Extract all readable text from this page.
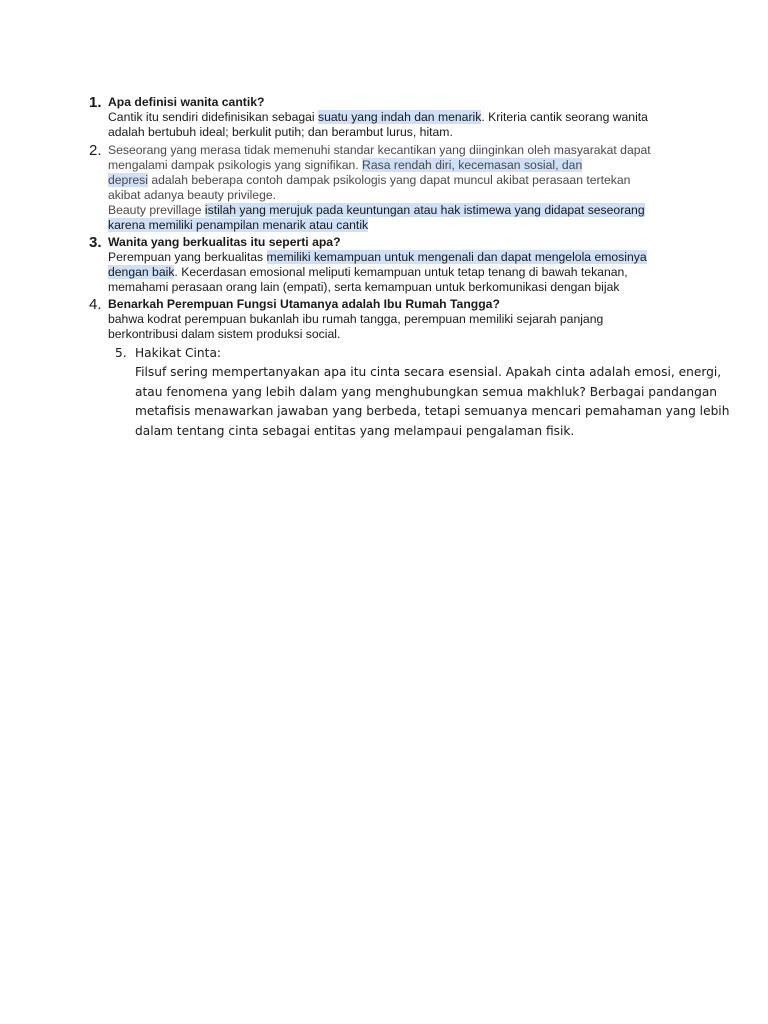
1. Apa definisi wanita cantik?
Cantik itu sendiri didefinisikan sebagai suatu yang indah dan menarik. Kriteria cantik seorang wanita
adalah bertubuh ideal; berkulit putih; dan berambut lurus, hitam.
2. Seseorang yang merasa tidak memenuhi standar kecantikan yang diinginkan oleh masyarakat dapat
mengalami dampak psikologis yang signifikan. Rasa rendah diri, kecemasan sosial, dan
depresi adalah beberapa contoh dampak psikologis yang dapat muncul akibat perasaan tertekan
akibat adanya beauty privilege.
Beauty previllage istilah yang merujuk pada keuntungan atau hak istimewa yang didapat seseorang
karena memiliki penampilan menarik atau cantik
3. Wanita yang berkualitas itu seperti apa?
Perempuan yang berkualitas memiliki kemampuan untuk mengenali dan dapat mengelola emosinya
dengan baik. Kecerdasan emosional meliputi kemampuan untuk tetap tenang di bawah tekanan,
memahami perasaan orang lain (empati), serta kemampuan untuk berkomunikasi dengan bijak
4. Benarkah Perempuan Fungsi Utamanya adalah Ibu Rumah Tangga?
bahwa kodrat perempuan bukanlah ibu rumah tangga, perempuan memiliki sejarah panjang
berkontribusi dalam sistem produksi social.
5. Hakikat Cinta:
Filsuf sering mempertanyakan apa itu cinta secara esensial. Apakah cinta adalah emosi, energi,
atau fenomena yang lebih dalam yang menghubungkan semua makhluk? Berbagai pandangan
metafisis menawarkan jawaban yang berbeda, tetapi semuanya mencari pemahaman yang lebih
dalam tentang cinta sebagai entitas yang melampaui pengalaman fisik.
